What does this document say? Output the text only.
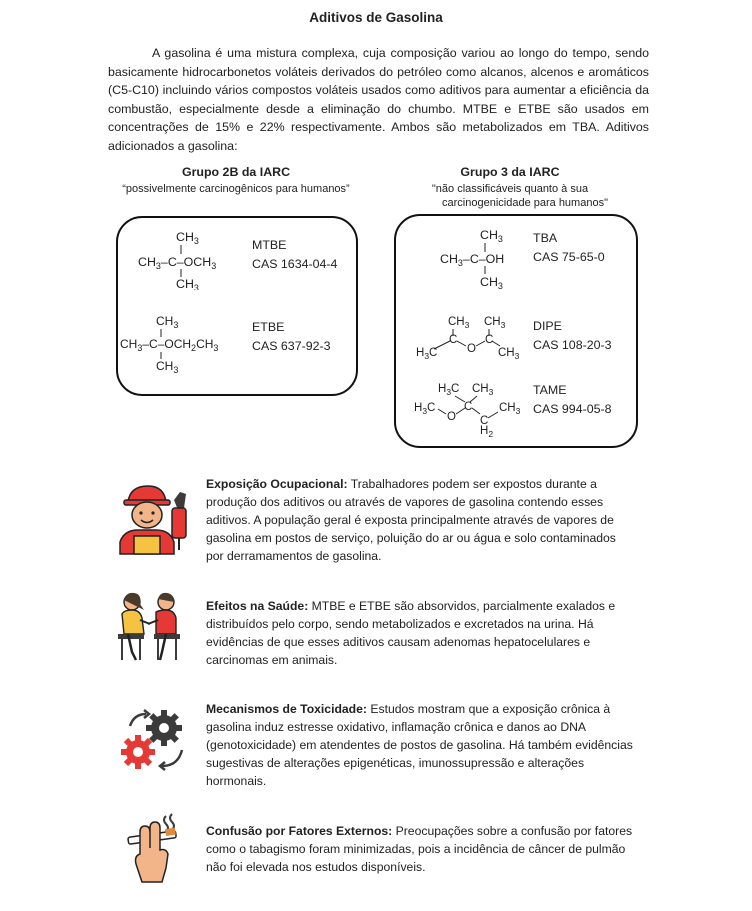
Aditivos de Gasolina
A gasolina é uma mistura complexa, cuja composição variou ao longo do tempo, sendo basicamente hidrocarbonetos voláteis derivados do petróleo como alcanos, alcenos e aromáticos (C5-C10) incluindo vários compostos voláteis usados como aditivos para aumentar a eficiência da combustão, especialmente desde a eliminação do chumbo. MTBE e ETBE são usados em concentrações de 15% e 22% respectivamente. Ambos são metabolizados em TBA. Aditivos adicionados a gasolina:
Grupo 2B da IARC
“possivelmente carcinogênicos para humanos”
Grupo 3 da IARC
"não classificáveis quanto à sua
carcinogenicidade para humanos"
$CH_3$
$CH_3-C-OCH_3$
$CH_3$
MTBE
CAS 1634-04-4
$CH_3$
$CH_3-C-OCH_2CH_3$
$CH_3$
ETBE
CAS 637-92-3
$CH_3$
$CH_3-C-OH$
$CH_3$
TBA
CAS 75-65-0
$CH_3$ $CH_3$
C C
O
$H_3C$	$CH_3$
DIPE
CAS 108-20-3
$H_3C$ $CH_3$
C
$H_3C$
O C
$H_2$
$CH_3$
TAME
CAS 994-05-8
Exposição Ocupacional: Trabalhadores podem ser expostos durante a produção dos aditivos ou através de vapores de gasolina contendo esses aditivos. A população geral é exposta principalmente através de vapores de gasolina em postos de serviço, poluição do ar ou água e solo contaminados por derramamentos de gasolina.
Efeitos na Saúde: MTBE e ETBE são absorvidos, parcialmente exalados e distribuídos pelo corpo, sendo metabolizados e excretados na urina. Há evidências de que esses aditivos causam adenomas hepatocelulares e carcinomas em animais.
Mecanismos de Toxicidade: Estudos mostram que a exposição crônica à gasolina induz estresse oxidativo, inflamação crônica e danos ao DNA (genotoxicidade) em atendentes de postos de gasolina. Há também evidências sugestivas de alterações epigenéticas, imunossupressão e alterações hormonais.
Confusão por Fatores Externos: Preocupações sobre a confusão por fatores como o tabagismo foram minimizadas, pois a incidência de câncer de pulmão não foi elevada nos estudos disponíveis.
